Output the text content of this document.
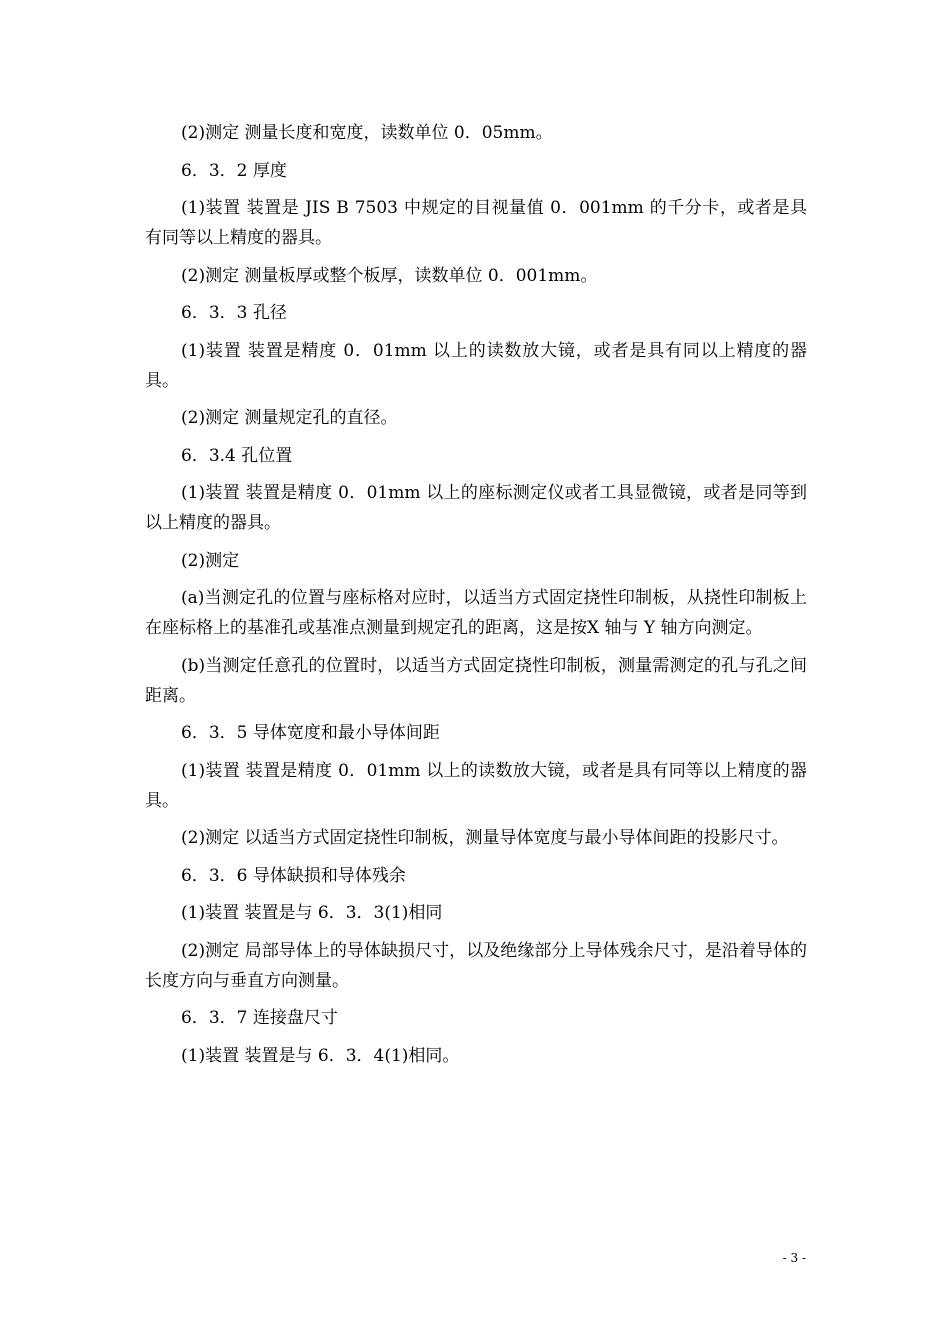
(2)测定 测量长度和宽度，读数单位 0．05mm。

6．3．2 厚度

(1)装置 装置是 JIS B 7503 中规定的目视量值 0．001mm 的千分卡，或者是具有同等以上精度的器具。

(2)测定 测量板厚或整个板厚，读数单位 0．001mm。

6．3．3 孔径

(1)装置 装置是精度 0．01mm 以上的读数放大镜，或者是具有同以上精度的器具。

(2)测定 测量规定孔的直径。

6．3.4 孔位置

(1)装置 装置是精度 0．01mm 以上的座标测定仪或者工具显微镜，或者是同等到以上精度的器具。

(2)测定

(a)当测定孔的位置与座标格对应时，以适当方式固定挠性印制板，从挠性印制板上在座标格上的基准孔或基准点测量到规定孔的距离，这是按X 轴与 Y 轴方向测定。

(b)当测定任意孔的位置时，以适当方式固定挠性印制板，测量需测定的孔与孔之间距离。

6．3．5 导体宽度和最小导体间距

(1)装置 装置是精度 0．01mm 以上的读数放大镜，或者是具有同等以上精度的器具。

(2)测定 以适当方式固定挠性印制板，测量导体宽度与最小导体间距的投影尺寸。

6．3．6 导体缺损和导体残余

(1)装置 装置是与 6．3．3(1)相同

(2)测定 局部导体上的导体缺损尺寸，以及绝缘部分上导体残余尺寸，是沿着导体的长度方向与垂直方向测量。

6．3．7 连接盘尺寸

(1)装置 装置是与 6．3．4(1)相同。

- 3 -
